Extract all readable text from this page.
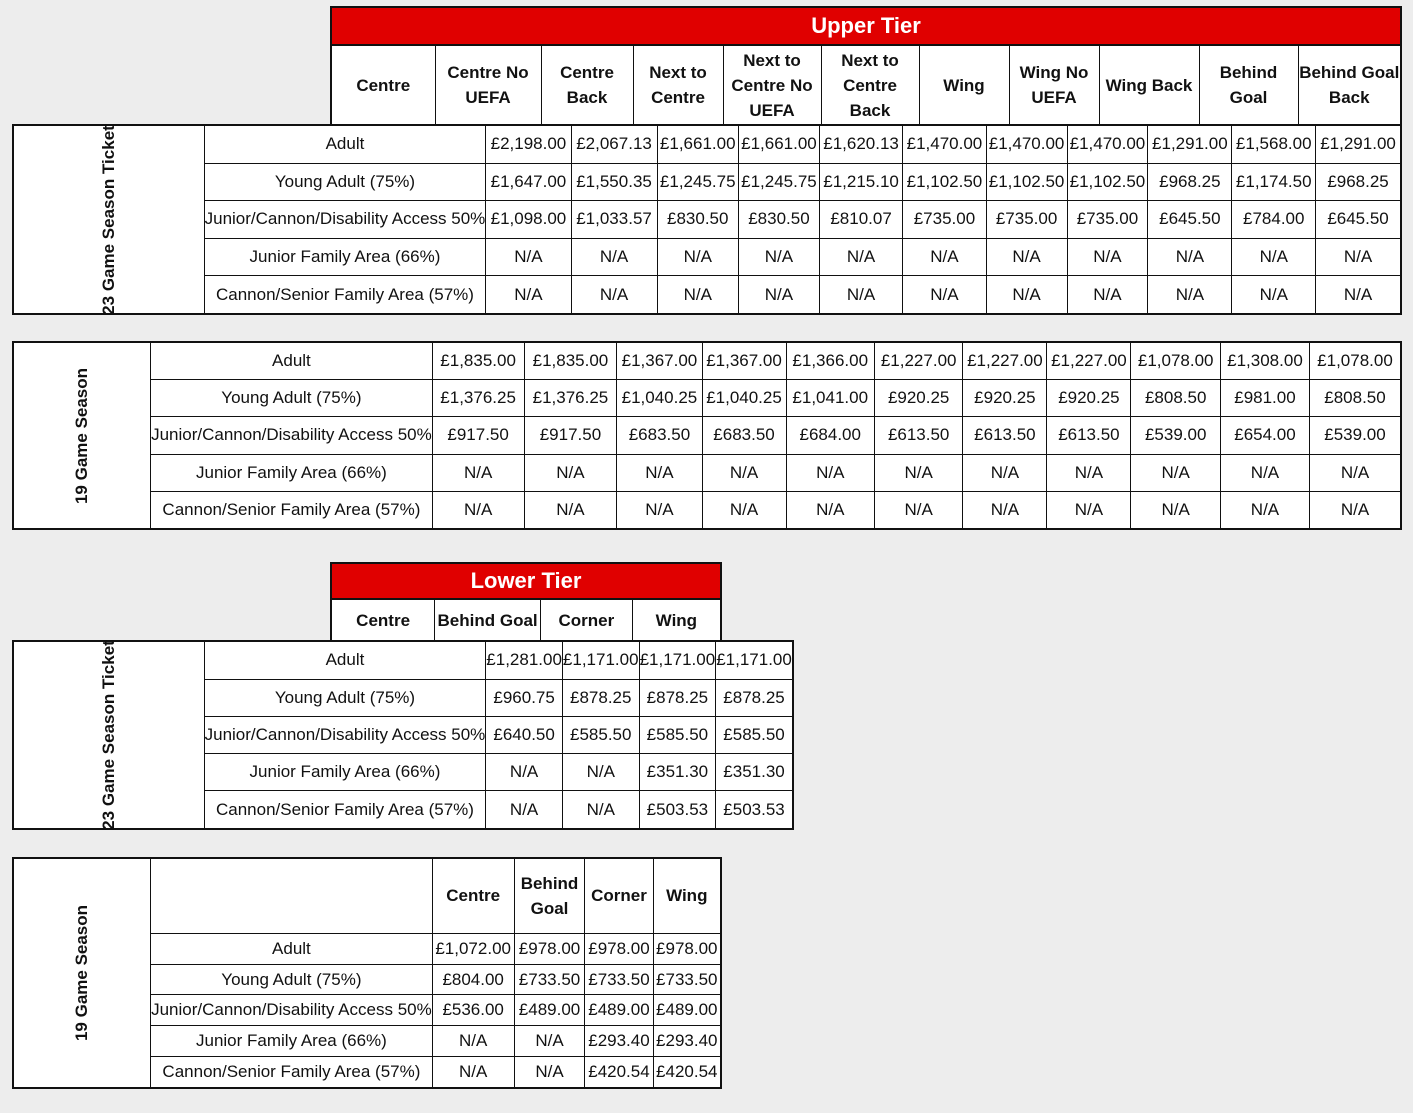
Upper Tier
Centre	Centre No UEFA	Centre Back	Next to Centre	Next to Centre No UEFA	Next to Centre Back	Wing	Wing No UEFA	Wing Back	Behind Goal	Behind Goal Back
23 Game Season Ticket	Adult	£2,198.00	£2,067.13	£1,661.00	£1,661.00	£1,620.13	£1,470.00	£1,470.00	£1,470.00	£1,291.00	£1,568.00	£1,291.00
	Young Adult (75%)	£1,647.00	£1,550.35	£1,245.75	£1,245.75	£1,215.10	£1,102.50	£1,102.50	£1,102.50	£968.25	£1,174.50	£968.25
	Junior/Cannon/Disability Access 50%	£1,098.00	£1,033.57	£830.50	£830.50	£810.07	£735.00	£735.00	£735.00	£645.50	£784.00	£645.50
	Junior Family Area (66%)	N/A	N/A	N/A	N/A	N/A	N/A	N/A	N/A	N/A	N/A	N/A
	Cannon/Senior Family Area (57%)	N/A	N/A	N/A	N/A	N/A	N/A	N/A	N/A	N/A	N/A	N/A
19 Game Season	Adult	£1,835.00	£1,835.00	£1,367.00	£1,367.00	£1,366.00	£1,227.00	£1,227.00	£1,227.00	£1,078.00	£1,308.00	£1,078.00
	Young Adult (75%)	£1,376.25	£1,376.25	£1,040.25	£1,040.25	£1,041.00	£920.25	£920.25	£920.25	£808.50	£981.00	£808.50
	Junior/Cannon/Disability Access 50%	£917.50	£917.50	£683.50	£683.50	£684.00	£613.50	£613.50	£613.50	£539.00	£654.00	£539.00
	Junior Family Area (66%)	N/A	N/A	N/A	N/A	N/A	N/A	N/A	N/A	N/A	N/A	N/A
	Cannon/Senior Family Area (57%)	N/A	N/A	N/A	N/A	N/A	N/A	N/A	N/A	N/A	N/A	N/A
Lower Tier
Centre	Behind Goal	Corner	Wing
23 Game Season Ticket	Adult	£1,281.00	£1,171.00	£1,171.00	£1,171.00
	Young Adult (75%)	£960.75	£878.25	£878.25	£878.25
	Junior/Cannon/Disability Access 50%	£640.50	£585.50	£585.50	£585.50
	Junior Family Area (66%)	N/A	N/A	£351.30	£351.30
	Cannon/Senior Family Area (57%)	N/A	N/A	£503.53	£503.53
19 Game Season		Centre	Behind Goal	Corner	Wing
	Adult	£1,072.00	£978.00	£978.00	£978.00
	Young Adult (75%)	£804.00	£733.50	£733.50	£733.50
	Junior/Cannon/Disability Access 50%	£536.00	£489.00	£489.00	£489.00
	Junior Family Area (66%)	N/A	N/A	£293.40	£293.40
	Cannon/Senior Family Area (57%)	N/A	N/A	£420.54	£420.54
